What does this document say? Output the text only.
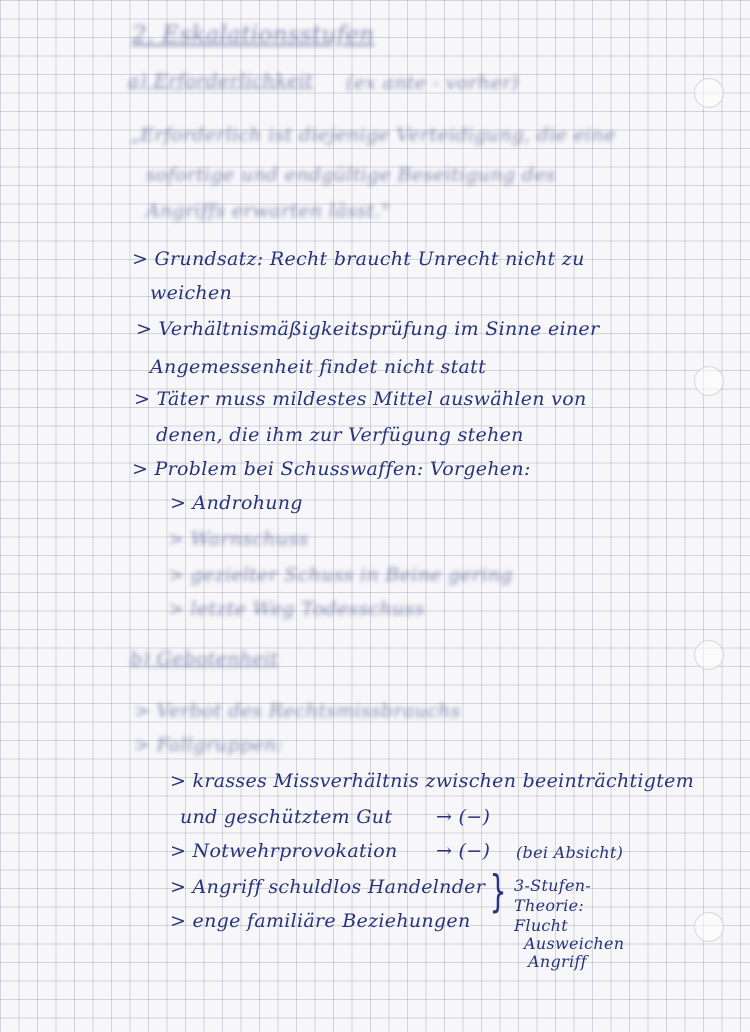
2. Eskalationsstufen
a) Erforderlichkeit (ex ante - vorher)
„Erforderlich ist diejenige Verteidigung, die eine
sofortige und endgültige Beseitigung des
Angriffs erwarten lässt."
> Grundsatz: Recht braucht Unrecht nicht zu
weichen
> Verhältnismäßigkeitsprüfung im Sinne einer
Angemessenheit findet nicht statt
> Täter muss mildestes Mittel auswählen von
denen, die ihm zur Verfügung stehen
> Problem bei Schusswaffen: Vorgehen:
> Androhung
> Warnschuss
> gezielter Schuss in Beine gering
> letzte Weg Todesschuss
b) Gebotenheit
> Verbot des Rechtsmissbrauchs
> Fallgruppen:
> krasses Missverhältnis zwischen beeinträchtigtem
und geschütztem Gut → (−)
> Notwehrprovokation → (−) (bei Absicht)
> Angriff schuldlos Handelnder
> enge familiäre Beziehungen
} 3-Stufen-
Theorie:
Flucht
Ausweichen
Angriff
